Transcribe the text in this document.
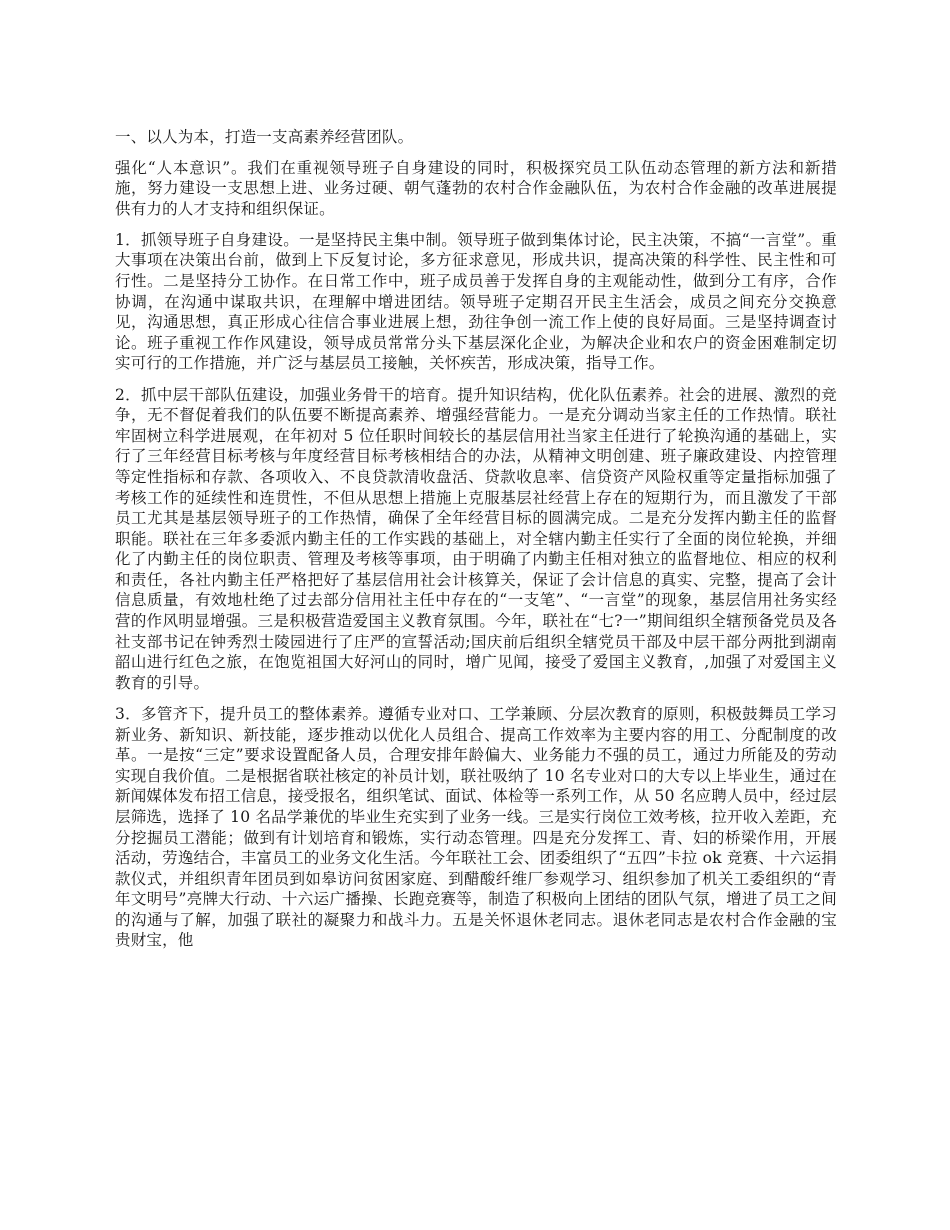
一、以人为本，打造一支高素养经营团队。

强化“人本意识”。我们在重视领导班子自身建设的同时，积极探究员工队伍动态管理的新方法和新措施，努力建设一支思想上进、业务过硬、朝气蓬勃的农村合作金融队伍，为农村合作金融的改革进展提供有力的人才支持和组织保证。

1．抓领导班子自身建设。一是坚持民主集中制。领导班子做到集体讨论，民主决策，不搞“一言堂”。重大事项在决策出台前，做到上下反复讨论，多方征求意见，形成共识，提高决策的科学性、民主性和可行性。二是坚持分工协作。在日常工作中，班子成员善于发挥自身的主观能动性，做到分工有序，合作协调，在沟通中谋取共识，在理解中增进团结。领导班子定期召开民主生活会，成员之间充分交换意见，沟通思想，真正形成心往信合事业进展上想，劲往争创一流工作上使的良好局面。三是坚持调查讨论。班子重视工作作风建设，领导成员常常分头下基层深化企业，为解决企业和农户的资金困难制定切实可行的工作措施，并广泛与基层员工接触，关怀疾苦，形成决策，指导工作。

2．抓中层干部队伍建设，加强业务骨干的培育。提升知识结构，优化队伍素养。社会的进展、激烈的竞争，无不督促着我们的队伍要不断提高素养、增强经营能力。一是充分调动当家主任的工作热情。联社牢固树立科学进展观，在年初对 5 位任职时间较长的基层信用社当家主任进行了轮换沟通的基础上，实行了三年经营目标考核与年度经营目标考核相结合的办法，从精神文明创建、班子廉政建设、内控管理等定性指标和存款、各项收入、不良贷款清收盘活、贷款收息率、信贷资产风险权重等定量指标加强了考核工作的延续性和连贯性，不但从思想上措施上克服基层社经营上存在的短期行为，而且激发了干部员工尤其是基层领导班子的工作热情，确保了全年经营目标的圆满完成。二是充分发挥内勤主任的监督职能。联社在三年多委派内勤主任的工作实践的基础上，对全辖内勤主任实行了全面的岗位轮换，并细化了内勤主任的岗位职责、管理及考核等事项，由于明确了内勤主任相对独立的监督地位、相应的权利和责任，各社内勤主任严格把好了基层信用社会计核算关，保证了会计信息的真实、完整，提高了会计信息质量，有效地杜绝了过去部分信用社主任中存在的“一支笔”、“一言堂”的现象，基层信用社务实经营的作风明显增强。三是积极营造爱国主义教育氛围。今年，联社在“七?一”期间组织全辖预备党员及各社支部书记在钟秀烈士陵园进行了庄严的宣誓活动;国庆前后组织全辖党员干部及中层干部分两批到湖南韶山进行红色之旅，在饱览祖国大好河山的同时，增广见闻，接受了爱国主义教育，,加强了对爱国主义教育的引导。

3．多管齐下，提升员工的整体素养。遵循专业对口、工学兼顾、分层次教育的原则，积极鼓舞员工学习新业务、新知识、新技能，逐步推动以优化人员组合、提高工作效率为主要内容的用工、分配制度的改革。一是按“三定”要求设置配备人员，合理安排年龄偏大、业务能力不强的员工，通过力所能及的劳动实现自我价值。二是根据省联社核定的补员计划，联社吸纳了 10 名专业对口的大专以上毕业生，通过在新闻媒体发布招工信息，接受报名，组织笔试、面试、体检等一系列工作，从 50 名应聘人员中，经过层层筛选，选择了 10 名品学兼优的毕业生充实到了业务一线。三是实行岗位工效考核，拉开收入差距，充分挖掘员工潜能；做到有计划培育和锻炼，实行动态管理。四是充分发挥工、青、妇的桥梁作用，开展活动，劳逸结合，丰富员工的业务文化生活。今年联社工会、团委组织了“五四”卡拉 ok 竞赛、十六运捐款仪式，并组织青年团员到如皋访问贫困家庭、到醋酸纤维厂参观学习、组织参加了机关工委组织的“青年文明号”亮牌大行动、十六运广播操、长跑竞赛等，制造了积极向上团结的团队气氛，增进了员工之间的沟通与了解，加强了联社的凝聚力和战斗力。五是关怀退休老同志。退休老同志是农村合作金融的宝贵财宝，他
